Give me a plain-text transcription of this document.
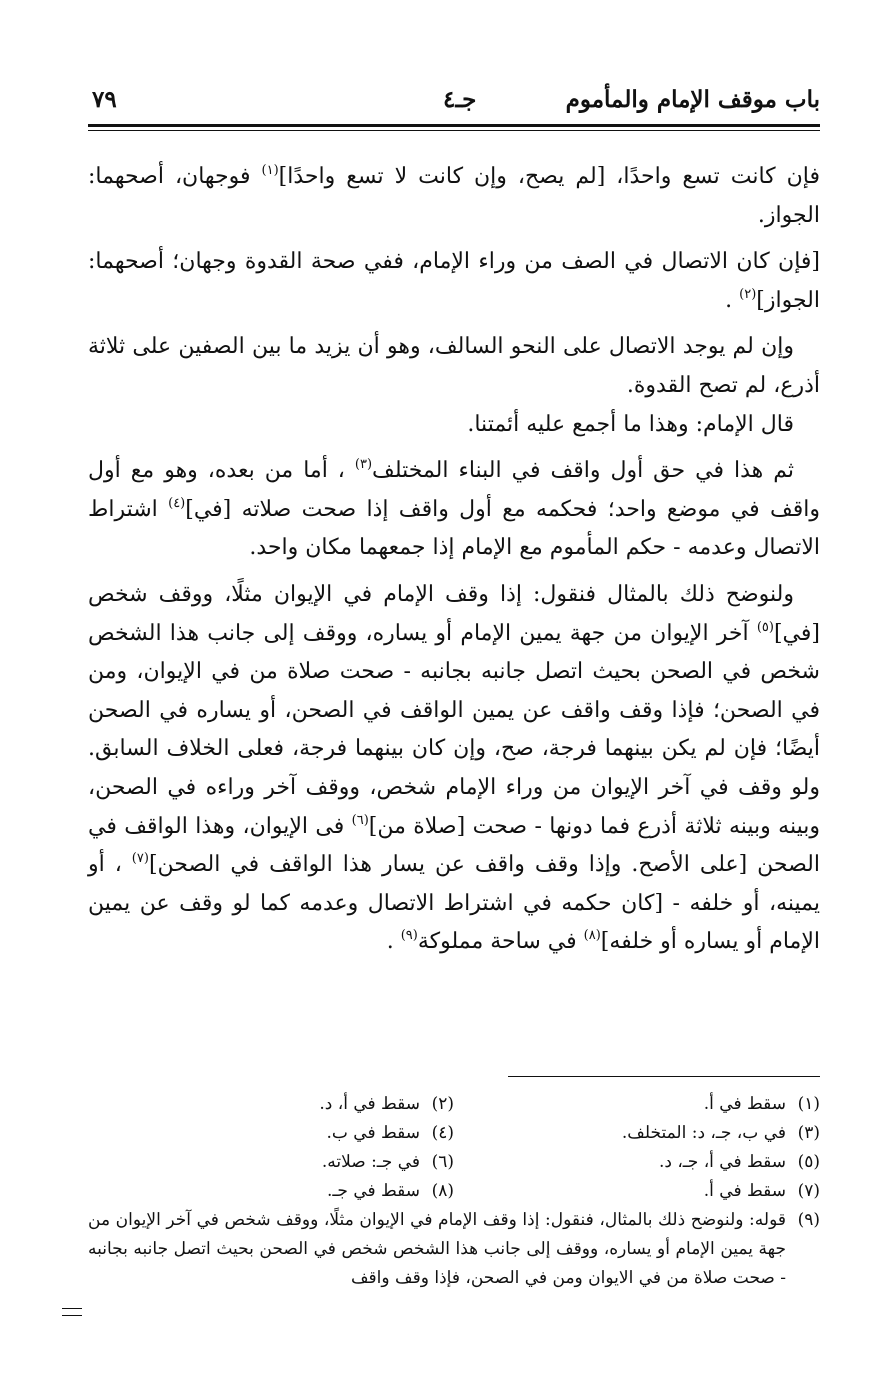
باب موقف الإمام والمأموم
جـ٤
٧٩

فإن كانت تسع واحدًا، [لم يصح، وإن كانت لا تسع واحدًا]$^{(١)}$ فوجهان، أصحهما: الجواز.

[فإن كان الاتصال في الصف من وراء الإمام، ففي صحة القدوة وجهان؛ أصحهما: الجواز]$^{(٢)}$ .

وإن لم يوجد الاتصال على النحو السالف، وهو أن يزيد ما بين الصفين على ثلاثة أذرع، لم تصح القدوة.

قال الإمام: وهذا ما أجمع عليه أئمتنا.

ثم هذا في حق أول واقف في البناء المختلف$^{(٣)}$ ، أما من بعده، وهو مع أول واقف في موضع واحد؛ فحكمه مع أول واقف إذا صحت صلاته [في]$^{(٤)}$ اشتراط الاتصال وعدمه - حكم المأموم مع الإمام إذا جمعهما مكان واحد.

ولنوضح ذلك بالمثال فنقول: إذا وقف الإمام في الإيوان مثلًا، ووقف شخص [في]$^{(٥)}$ آخر الإيوان من جهة يمين الإمام أو يساره، ووقف إلى جانب هذا الشخص شخص في الصحن بحيث اتصل جانبه بجانبه - صحت صلاة من في الإيوان، ومن في الصحن؛ فإذا وقف واقف عن يمين الواقف في الصحن، أو يساره في الصحن أيضًا؛ فإن لم يكن بينهما فرجة، صح، وإن كان بينهما فرجة، فعلى الخلاف السابق. ولو وقف في آخر الإيوان من وراء الإمام شخص، ووقف آخر وراءه في الصحن، وبينه وبينه ثلاثة أذرع فما دونها - صحت [صلاة من]$^{(٦)}$ فى الإيوان، وهذا الواقف في الصحن [على الأصح. وإذا وقف واقف عن يسار هذا الواقف في الصحن]$^{(٧)}$ ، أو يمينه، أو خلفه - [كان حكمه في اشتراط الاتصال وعدمه كما لو وقف عن يمين الإمام أو يساره أو خلفه]$^{(٨)}$ في ساحة مملوكة$^{(٩)}$ .

(١)سقط في أ.
(٢)سقط في أ، د.
(٣)في ب، جـ، د: المتخلف.
(٤)سقط في ب.
(٥)سقط في أ، جـ، د.
(٦)في جـ: صلاته.
(٧)سقط في أ.
(٨)سقط في جـ.
(٩)
قوله: ولنوضح ذلك بالمثال، فنقول: إذا وقف الإمام في الإيوان مثلًا، ووقف شخص في آخر الإيوان من جهة يمين الإمام أو يساره، ووقف إلى جانب هذا الشخص شخص في الصحن بحيث اتصل جانبه بجانبه - صحت صلاة من في الايوان ومن في الصحن، فإذا وقف واقف
